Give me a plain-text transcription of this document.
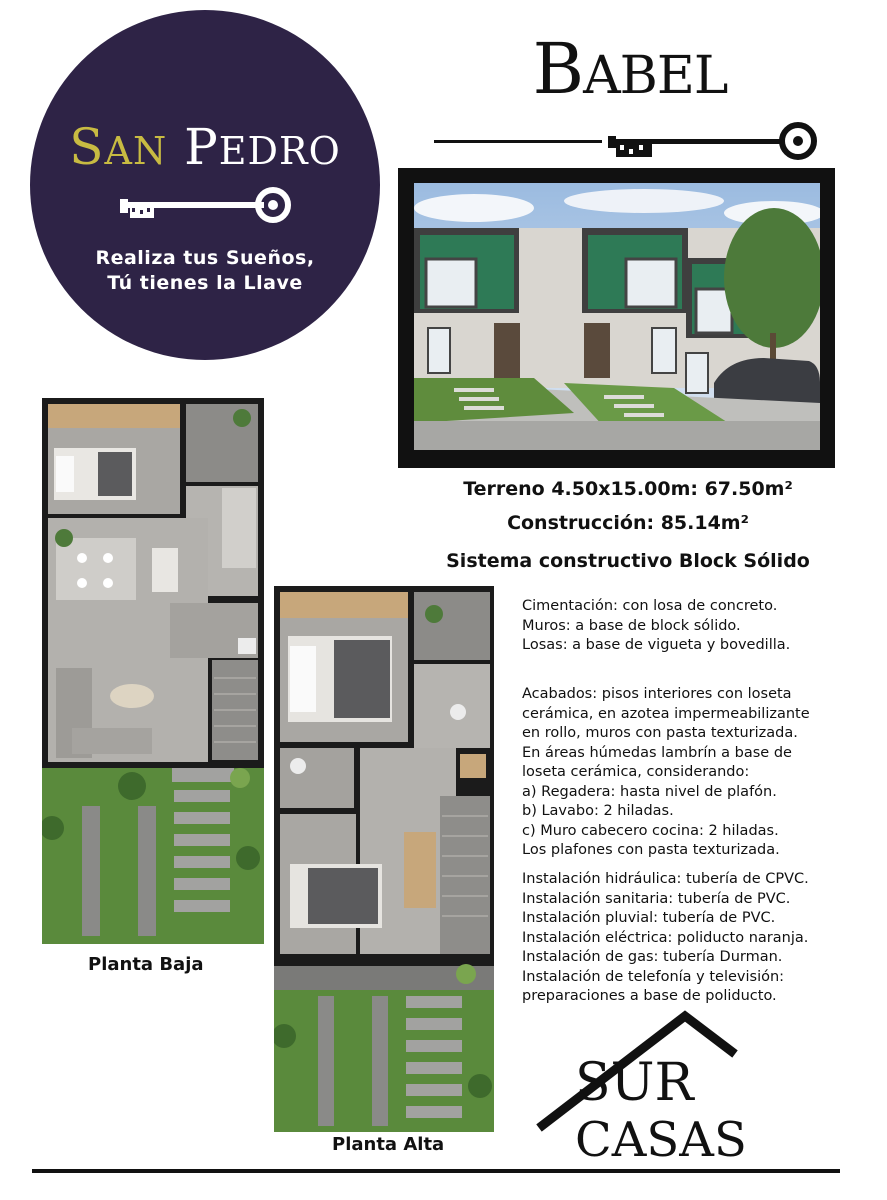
SAN PEDRO
Realiza tus Sueños,
Tú tienes la Llave
BABEL
Terreno 4.50x15.00m: 67.50m²
Construcción: 85.14m²
Sistema constructivo Block Sólido
Cimentación: con losa de concreto.
Muros: a base de block sólido.
Losas: a base de vigueta y bovedilla.
Acabados: pisos interiores con loseta
cerámica, en azotea impermeabilizante
en rollo, muros con pasta texturizada.
En áreas húmedas lambrín a base de
loseta cerámica, considerando:
a) Regadera: hasta nivel de plafón.
b) Lavabo: 2 hiladas.
c) Muro cabecero cocina: 2 hiladas.
Los plafones con pasta texturizada.
Instalación hidráulica: tubería de CPVC.
Instalación sanitaria: tubería de PVC.
Instalación pluvial: tubería de PVC.
Instalación eléctrica: poliducto naranja.
Instalación de gas: tubería Durman.
Instalación de telefonía y televisión:
preparaciones a base de poliducto.
Planta Baja
Planta Alta
SUR
CASAS
